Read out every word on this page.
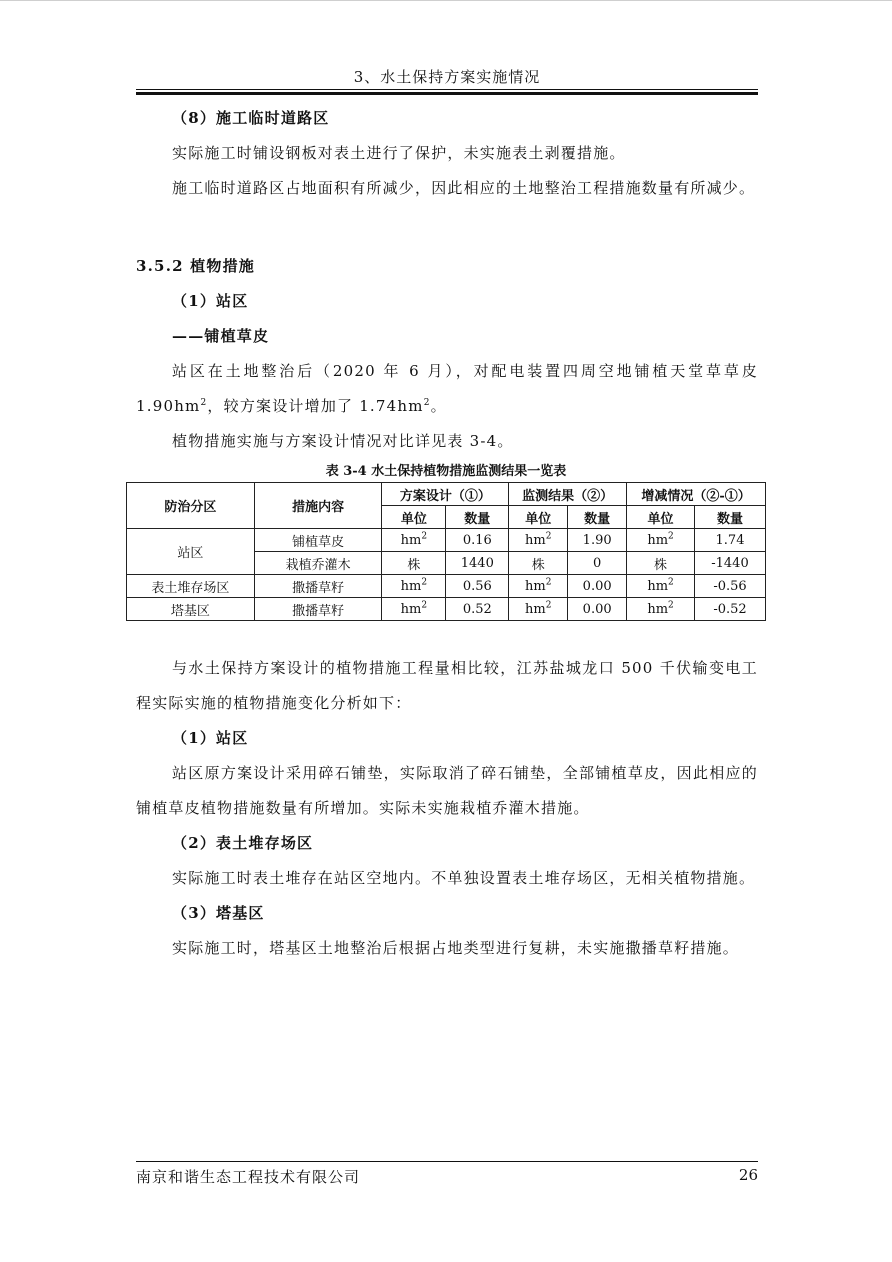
3、水土保持方案实施情况

（8）施工临时道路区

实际施工时铺设钢板对表土进行了保护，未实施表土剥覆措施。

施工临时道路区占地面积有所减少，因此相应的土地整治工程措施数量有所减少。

3.5.2 植物措施

（1）站区

——铺植草皮

站区在土地整治后（2020 年 6 月），对配电装置四周空地铺植天堂草草皮$1.90hm^2$，较方案设计增加了 $1.74hm^2$。

植物措施实施与方案设计情况对比详见表 3-4。

表 3-4 水土保持植物措施监测结果一览表
防治分区	措施内容	方案设计（①）		监测结果（②）		增减情况（②-①）	
		单位	数量	单位	数量	单位	数量
站区	铺植草皮	$hm^2$	0.16	$hm^2$	1.90	$hm^2$	1.74
	栽植乔灌木	株	1440	株	0	株	-1440
表土堆存场区	撒播草籽	$hm^2$	0.56	$hm^2$	0.00	$hm^2$	-0.56
塔基区	撒播草籽	$hm^2$	0.52	$hm^2$	0.00	$hm^2$	-0.52

与水土保持方案设计的植物措施工程量相比较，江苏盐城龙口 500 千伏输变电工程实际实施的植物措施变化分析如下：

（1）站区

站区原方案设计采用碎石铺垫，实际取消了碎石铺垫，全部铺植草皮，因此相应的铺植草皮植物措施数量有所增加。实际未实施栽植乔灌木措施。

（2）表土堆存场区

实际施工时表土堆存在站区空地内。不单独设置表土堆存场区，无相关植物措施。

（3）塔基区

实际施工时，塔基区土地整治后根据占地类型进行复耕，未实施撒播草籽措施。

南京和谐生态工程技术有限公司	26
